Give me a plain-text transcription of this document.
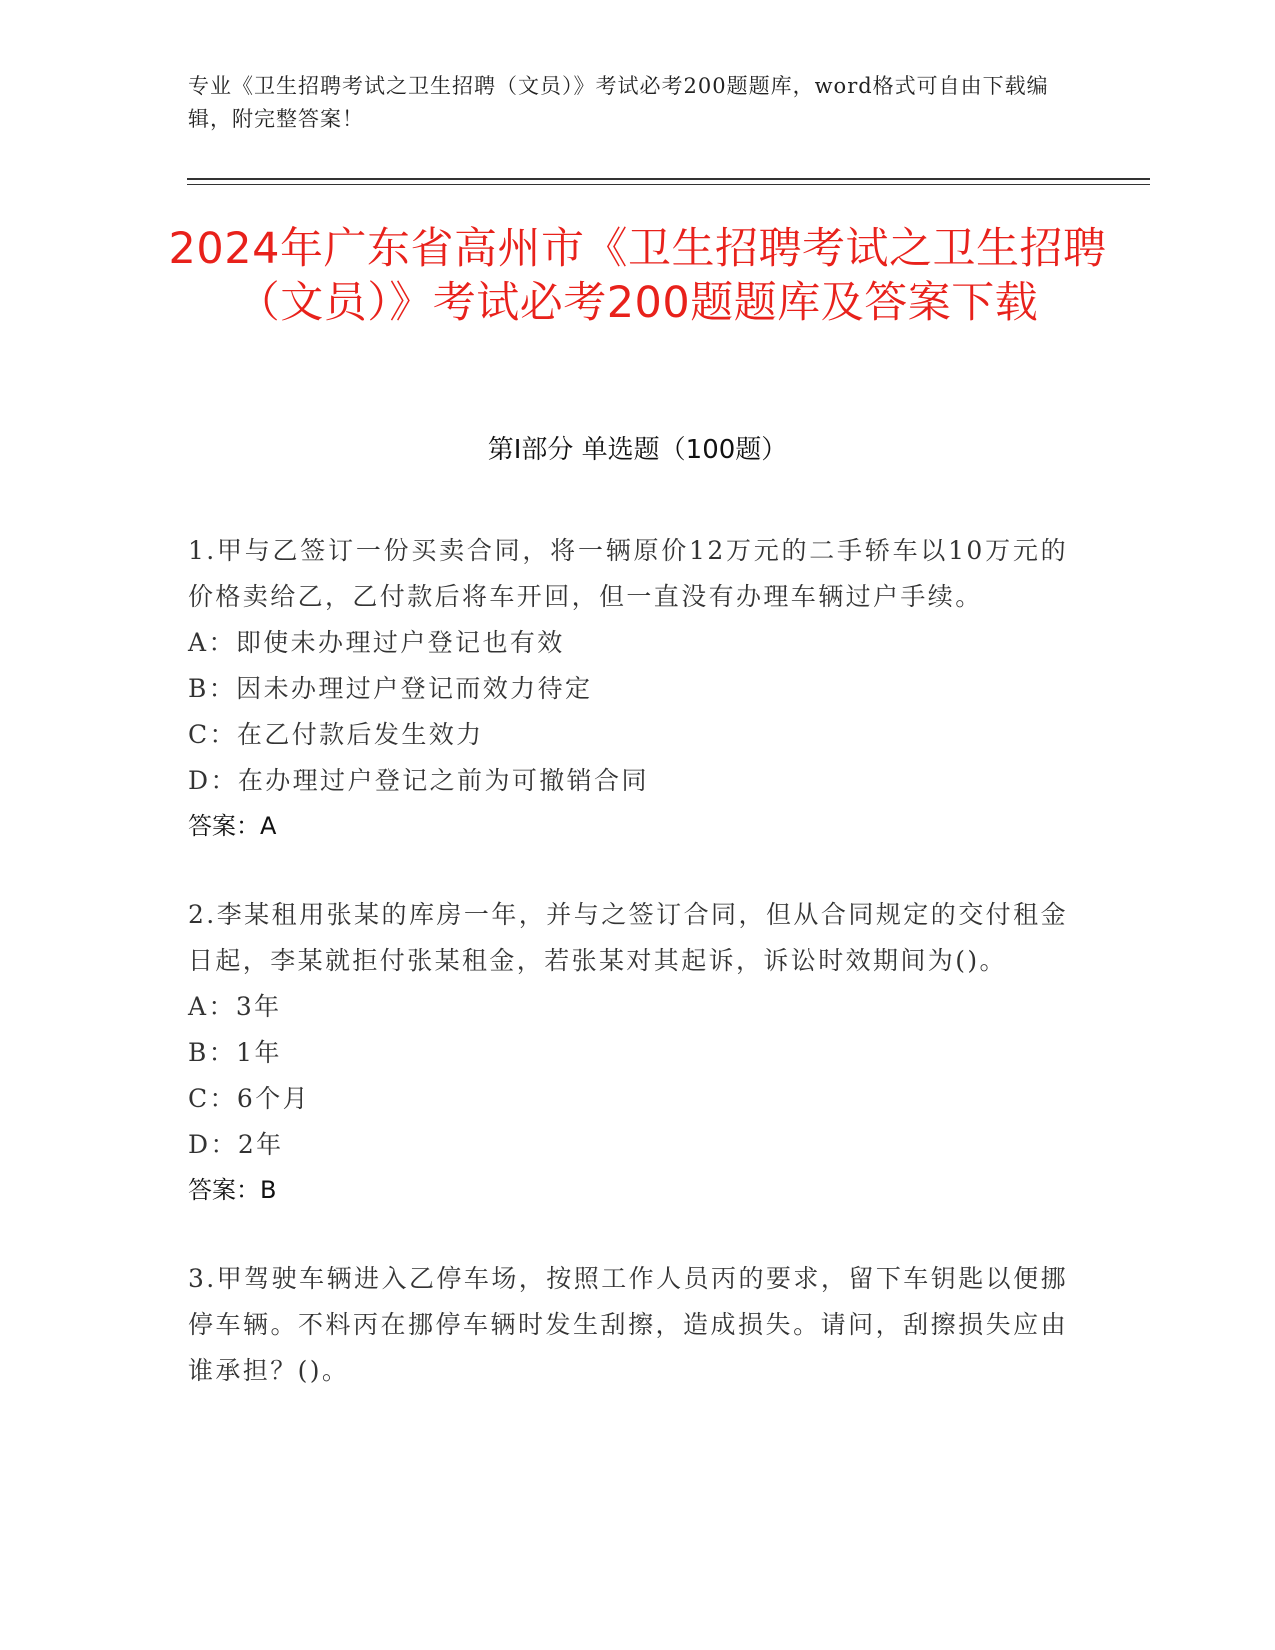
专业《卫生招聘考试之卫生招聘（文员）》考试必考200题题库，word格式可自由下载编辑，附完整答案！
2024年广东省高州市《卫生招聘考试之卫生招聘（文员）》考试必考200题题库及答案下载
第I部分 单选题（100题）
1.甲与乙签订一份买卖合同，将一辆原价12万元的二手轿车以10万元的价格卖给乙，乙付款后将车开回，但一直没有办理车辆过户手续。
A：即使未办理过户登记也有效
B：因未办理过户登记而效力待定
C：在乙付款后发生效力
D：在办理过户登记之前为可撤销合同
答案：A
2.李某租用张某的库房一年，并与之签订合同，但从合同规定的交付租金日起，李某就拒付张某租金，若张某对其起诉，诉讼时效期间为()。
A：3年
B：1年
C：6个月
D：2年
答案：B
3.甲驾驶车辆进入乙停车场，按照工作人员丙的要求，留下车钥匙以便挪停车辆。不料丙在挪停车辆时发生刮擦，造成损失。请问，刮擦损失应由谁承担？()。
